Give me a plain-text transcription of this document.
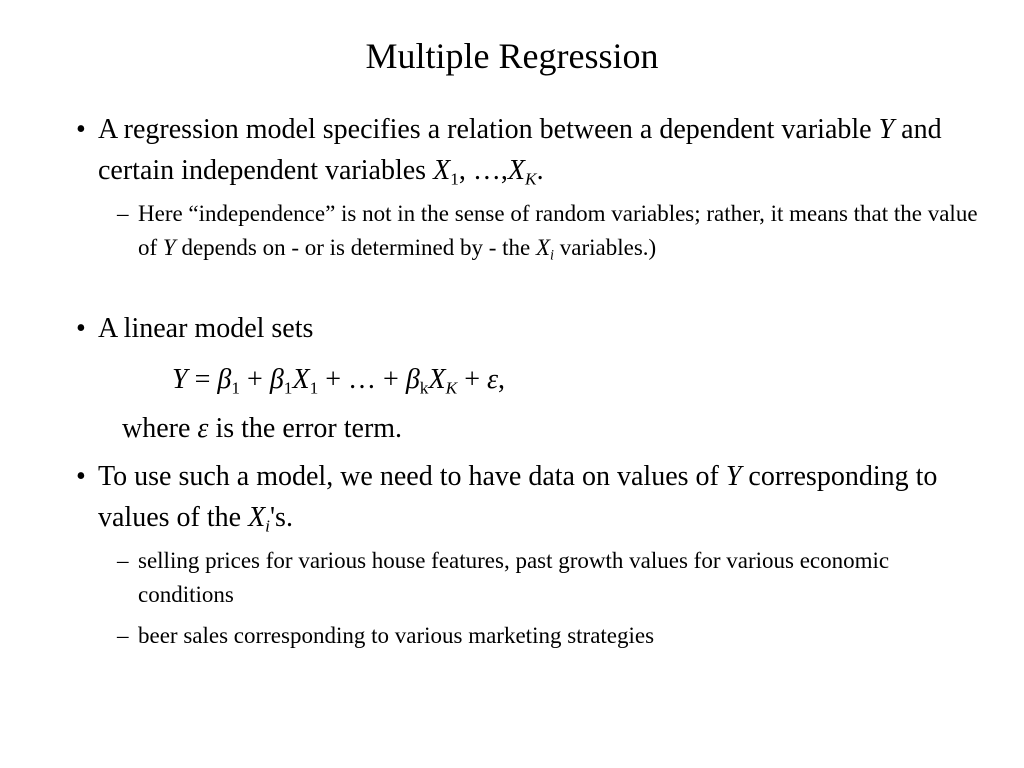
Multiple Regression
• A regression model specifies a relation between a dependent variable Y and certain independent variables $X_1$, $\dots,X_K$.
– Here “independence” is not in the sense of random variables; rather, it means that the value of Y depends on - or is determined by - the $X_i$ variables.)
• A linear model sets
$Y = \beta_1 + \beta_1X_1$ + … + $\beta_kX_K + \varepsilon$,
where ε is the error term.
• To use such a model, we need to have data on values of Y corresponding to values of the $X_i's$.
– selling prices for various house features, past growth values for various economic conditions
– beer sales corresponding to various marketing strategies
